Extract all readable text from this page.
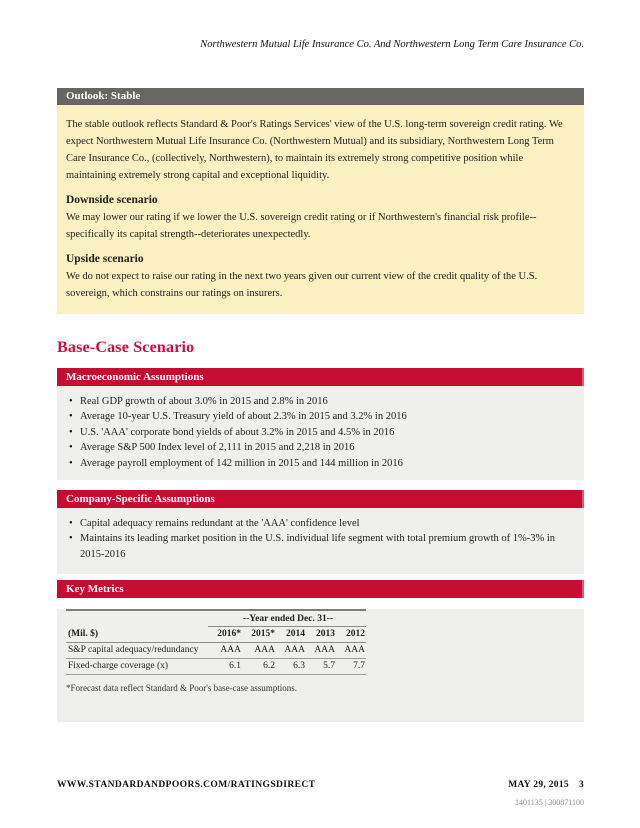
Northwestern Mutual Life Insurance Co. And Northwestern Long Term Care Insurance Co.
Outlook: Stable

The stable outlook reflects Standard & Poor's Ratings Services' view of the U.S. long-term sovereign credit rating. We expect Northwestern Mutual Life Insurance Co. (Northwestern Mutual) and its subsidiary, Northwestern Long Term Care Insurance Co., (collectively, Northwestern), to maintain its extremely strong competitive position while maintaining extremely strong capital and exceptional liquidity.

Downside scenario

We may lower our rating if we lower the U.S. sovereign credit rating or if Northwestern's financial risk profile--specifically its capital strength--deteriorates unexpectedly.

Upside scenario

We do not expect to raise our rating in the next two years given our current view of the credit quality of the U.S. sovereign, which constrains our ratings on insurers.

Base-Case Scenario
Macroeconomic Assumptions
• Real GDP growth of about 3.0% in 2015 and 2.8% in 2016
• Average 10-year U.S. Treasury yield of about 2.3% in 2015 and 3.2% in 2016
• U.S. 'AAA' corporate bond yields of about 3.2% in 2015 and 4.5% in 2016
• Average S&P 500 Index level of 2,111 in 2015 and 2,218 in 2016
• Average payroll employment of 142 million in 2015 and 144 million in 2016
Company-Specific Assumptions
• Capital adequacy remains redundant at the 'AAA' confidence level
• Maintains its leading market position in the U.S. individual life segment with total premium growth of 1%-3% in 2015-2016
Key Metrics
	--Year ended Dec. 31--				
(Mil. $)	2016*	2015*	2014	2013	2012
S&P capital adequacy/redundancy	AAA	AAA	AAA	AAA	AAA
Fixed-charge coverage (x)	6.1	6.2	6.3	5.7	7.7
*Forecast data reflect Standard & Poor's base-case assumptions.
WWW.STANDARDANDPOORS.COM/RATINGSDIRECT	MAY 29, 2015 3
1401135 | 300871100
